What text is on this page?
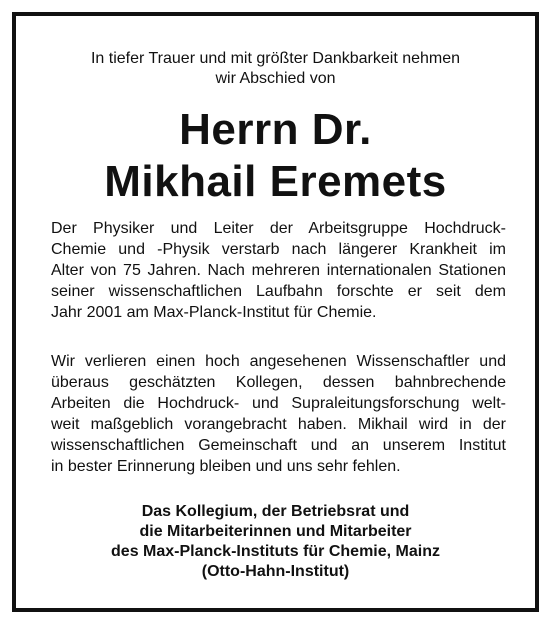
In tiefer Trauer und mit größter Dankbarkeit nehmen
wir Abschied von
Herrn Dr.
Mikhail Eremets

Der Physiker und Leiter der Arbeitsgruppe Hochdruck-
Chemie und -Physik verstarb nach längerer Krankheit im
Alter von 75 Jahren. Nach mehreren internationalen Stationen
seiner wissenschaftlichen Laufbahn forschte er seit dem
Jahr 2001 am Max-Planck-Institut für Chemie.

Wir verlieren einen hoch angesehenen Wissenschaftler und
überaus geschätzten Kollegen, dessen bahnbrechende
Arbeiten die Hochdruck- und Supraleitungsforschung welt-
weit maßgeblich vorangebracht haben. Mikhail wird in der
wissenschaftlichen Gemeinschaft und an unserem Institut
in bester Erinnerung bleiben und uns sehr fehlen.

Das Kollegium, der Betriebsrat und
die Mitarbeiterinnen und Mitarbeiter
des Max-Planck-Instituts für Chemie, Mainz
(Otto-Hahn-Institut)
